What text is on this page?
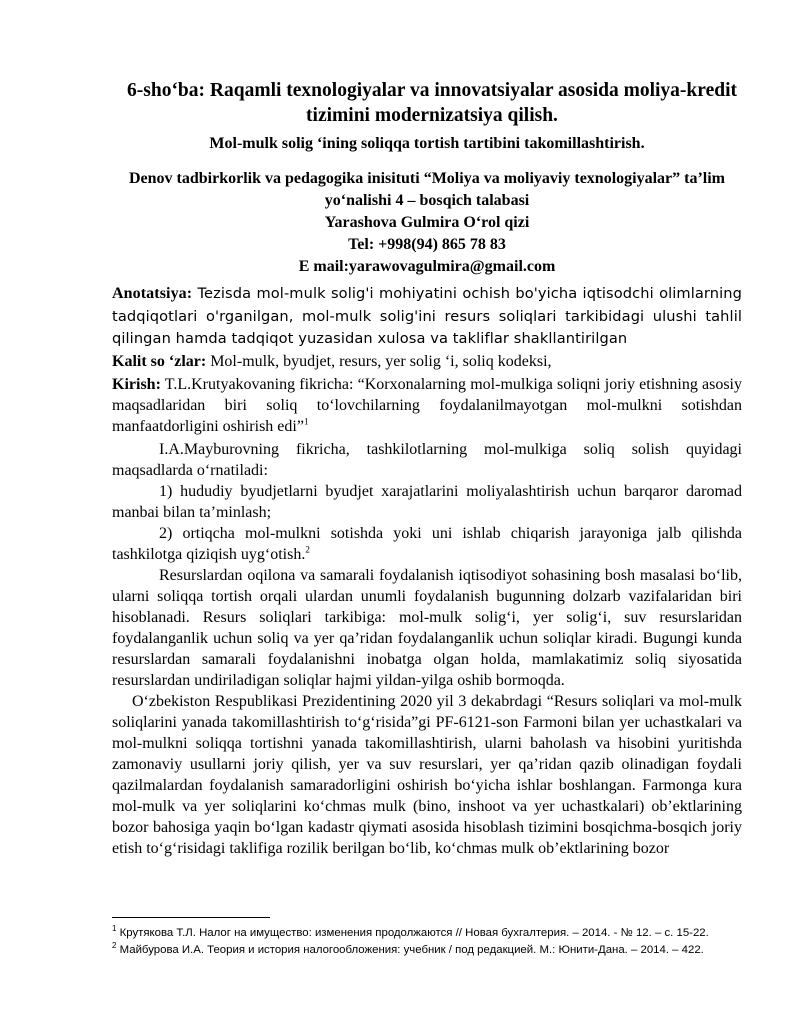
6-sho‘ba: Raqamli texnologiyalar va innovatsiyalar asosida moliya-kredit tizimini modernizatsiya qilish.
Mol-mulk solig ‘ining soliqqa tortish tartibini takomillashtirish.
Denov tadbirkorlik va pedagogika inisituti “Moliya va moliyaviy texnologiyalar” ta’lim yo‘nalishi 4 – bosqich talabasi
Yarashova Gulmira O‘rol qizi
Tel: +998(94) 865 78 83
E mail:yarawovagulmira@gmail.com

Anotatsiya: Tezisda mol-mulk solig'i mohiyatini ochish bo'yicha iqtisodchi olimlarning tadqiqotlari o'rganilgan, mol-mulk solig'ini resurs soliqlari tarkibidagi ulushi tahlil qilingan hamda tadqiqot yuzasidan xulosa va takliflar shakllantirilgan

Kalit so ‘zlar: Mol-mulk, byudjet, resurs, yer solig ‘i, soliq kodeksi,

Kirish: T.L.Krutyakovaning fikricha: “Korxonalarning mol-mulkiga soliqni joriy etishning asosiy maqsadlaridan biri soliq to‘lovchilarning foydalanilmayotgan mol-mulkni sotishdan manfaatdorligini oshirish edi”$^1$

I.A.Mayburovning fikricha, tashkilotlarning mol-mulkiga soliq solish quyidagi maqsadlarda o‘rnatiladi:

1) hududiy byudjetlarni byudjet xarajatlarini moliyalashtirish uchun barqaror daromad manbai bilan ta’minlash;

2) ortiqcha mol-mulkni sotishda yoki uni ishlab chiqarish jarayoniga jalb qilishda tashkilotga qiziqish uyg‘otish.$^2$

Resurslardan oqilona va samarali foydalanish iqtisodiyot sohasining bosh masalasi bo‘lib, ularni soliqqa tortish orqali ulardan unumli foydalanish bugunning dolzarb vazifalaridan biri hisoblanadi. Resurs soliqlari tarkibiga: mol-mulk solig‘i, yer solig‘i, suv resurslaridan foydalanganlik uchun soliq va yer qa’ridan foydalanganlik uchun soliqlar kiradi. Bugungi kunda resurslardan samarali foydalanishni inobatga olgan holda, mamlakatimiz soliq siyosatida resurslardan undiriladigan soliqlar hajmi yildan-yilga oshib bormoqda.

O‘zbekiston Respublikasi Prezidentining 2020 yil 3 dekabrdagi “Resurs soliqlari va mol-mulk soliqlarini yanada takomillashtirish to‘g‘risida”gi PF-6121-son Farmoni bilan yer uchastkalari va mol-mulkni soliqqa tortishni yanada takomillashtirish, ularni baholash va hisobini yuritishda zamonaviy usullarni joriy qilish, yer va suv resurslari, yer qa’ridan qazib olinadigan foydali qazilmalardan foydalanish samaradorligini oshirish bo‘yicha ishlar boshlangan. Farmonga kura mol-mulk va yer soliqlarini ko‘chmas mulk (bino, inshoot va yer uchastkalari) ob’ektlarining bozor bahosiga yaqin bo‘lgan kadastr qiymati asosida hisoblash tizimini bosqichma-bosqich joriy etish to‘g‘risidagi taklifiga rozilik berilgan bo‘lib, ko‘chmas mulk ob’ektlarining bozor

$^1$ Крутякова Т.Л. Налог на имущество: изменения продолжаются // Новая бухгалтерия. – 2014. - № 12. – с. 15-22.
$^2$ Майбурова И.А. Теория и история налогообложения: учебник / под редакцией. М.: Юнити-Дана. – 2014. – 422.
